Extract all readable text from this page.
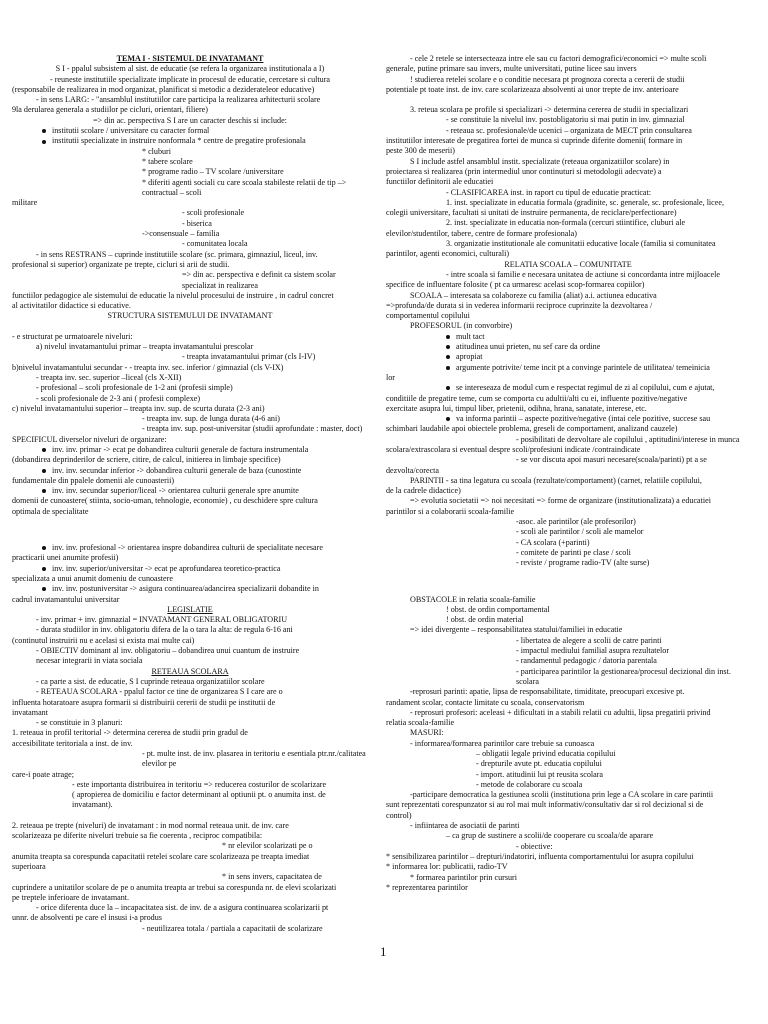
TEMA I - SISTEMUL DE INVATAMANT

S I - ppalul subsistem al sist. de educatie (se refera la organizarea institutionala a I)

- reuneste institutiile specializate implicate in procesul de educatie, cercetare si cultura

(responsabile de realizarea in mod organizat, planificat si metodic a deziderateleor educative)

- in sens LARG: - "ansamblul institutiilor care participa la realizarea arhitecturii scolare

9la derularea generala a studiilor pe cicluri, orientari, filiere)

=> din ac. perspectiva S I are un caracter deschis si include:

institutii scolare / universitare cu caracter formal

institutii specializate in instruire nonformala * centre de pregatire profesionala

* cluburi

* tabere scolare

* programe radio – TV scolare /universitare

* diferiti agenti sociali cu care scoala stabileste relatii de tip –> contractual – scoli

militare

- scoli profesionale

- biserica

->consensuale – familia

- comunitatea locala

- in sens RESTRANS – cuprinde institutiile scolare (sc. primara, gimnaziul, liceul, inv.

profesional si superior) organizate pe trepte, cicluri si arii de studii.

=> din ac. perspectiva e definit ca sistem scolar specializat in realizarea

functiilor pedagogice ale sistemului de educatie la nivelul procesului de instruire , in cadrul concret

al activitatilor didactice si educative.

STRUCTURA SISTEMULUI DE INVATAMANT

- e structurat pe urmatoarele niveluri:

a) nivelul invatamantului primar – treapta invatamantului prescolar

- treapta invatamantului primar (cls I-IV)

b)nivelul invatamantului secundar - - treapta inv. sec. inferior / gimnazial (cls V-IX)

- treapta inv. sec. superior –liceal (cls X-XII)

- profesional – scoli profesionale de 1-2 ani (profesii simple)

- scoli profesionale de 2-3 ani ( profesii complexe)

c) nivelul invatamantului superior – treapta inv. sup. de scurta durata (2-3 ani)

- treapta inv. sup. de lunga durata (4-6 ani)

- treapta inv. sup. post-universitar (studii aprofundate : master, doct)

SPECIFICUL diverselor niveluri de organizare:

inv. inv. primar -> ecat pe dobandirea culturii generale de factura instrumentala

(dobandirea deprinderilor de scriere, citire, de calcul, initierea in limbaje specifice)

inv. inv. secundar inferior -> dobandirea culturii generale de baza (cunostinte

fundamentale din ppalele domenii ale cunoasterii)

inv. inv. secundar superior/liceal -> orientarea culturii generale spre anumite

domenii de cunoastere( stiinta, socio-uman, tehnologie, economie) , cu deschidere spre cultura

optimala de specialitate

inv. inv. profesional -> orientarea inspre dobandirea culturii de specialitate necesare

practicarii unei anumite profesii)

inv. inv. superior/universitar -> ecat pe aprofundarea teoretico-practica

specializata a unui anumit domeniu de cunoastere

inv. inv. postuniversitar -> asigura continuarea/adancirea specializarii dobandite in

cadrul invatamantului universitar

LEGISLATIE

- inv. primar + inv. gimnazial = INVATAMANT GENERAL OBLIGATORIU

- durata studiilor in inv. obligatoriu difera de la o tara la alta: de regula 6-16 ani

(continutul instruirii nu e acelasi si exista mai multe cai)

- OBIECTIV dominant al inv. obligatoriu – dobandirea unui cuantum de instruire

necesar integrarii in viata sociala

RETEAUA SCOLARA

- ca parte a sist. de educatie, S I cuprinde reteaua organizatiilor scolare

- RETEAUA SCOLARA - ppalul factor ce tine de organizarea S I care are o

influenta hotaratoare asupra formarii si distribuirii cererii de studii pe institutii de

invatamant

- se constituie in 3 planuri:

1. reteaua in profil teritorial -> determina cererea de studii prin gradul de

accesibilitate teritoriala a inst. de inv.

- pt. multe inst. de inv. plasarea in teritoriu e esentiala ptr.nr./calitatea elevilor pe

care-i poate atrage;

- este importanta distribuirea in teritoriu => reducerea costurilor de scolarizare

( apropierea de domiciliu e factor determinant al optiunii pt. o anumita inst. de

invatamant).

2. reteaua pe trepte (niveluri) de invatamant : in mod normal reteaua unit. de inv. care

scolarizeaza pe diferite niveluri trebuie sa fie coerenta , reciproc compatibila:

* nr elevilor scolarizati pe o

anumita treapta sa corespunda capacitatii retelei scolare care scolarizeaza pe treapta imediat

superioara

* in sens invers, capacitatea de

cuprindere a unitatilor scolare de pe o anumita treapta ar trebui sa corespunda nr. de elevi scolarizati

pe treptele inferioare de invatamant.

- orice diferenta duce la – incapacitatea sist. de inv. de a asigura continuarea scolarizarii pt

unnr. de absolventi pe care el insusi i-a produs

- neutilizarea totala / partiala a capacitatii de scolarizare

- cele 2 retele se intersecteaza intre ele sau cu factori demografici/economici => multe scoli

generale, putine primare sau invers, multe universitati, putine licee sau invers

! studierea retelei scolare e o conditie necesara pt prognoza corecta a cererii de studii

potentiale pt toate inst. de inv. care scolarizeaza absolventi ai unor trepte de inv. anterioare

3. reteua scolara pe profile si specializari -> determina cererea de studii in specializari

- se constituie la nivelul inv. postobligatoriu si mai putin in inv. gimnazial

- reteaua sc. profesionale/de ucenici – organizata de MECT prin consultarea

institutiilor interesate de pregatirea fortei de munca si cuprinde diferite domenii( formare in

peste 300 de meserii)

S I include astfel ansamblul instit. specializate (reteaua organizatiilor scolare) in

proiectarea si realizarea (prin intermediul unor continuturi si metodologii adecvate) a

functiilor definitorii ale educatiei

- CLASIFICAREA inst. in raport cu tipul de educatie practicat:

1. inst. specializate in educatia formala (gradinite, sc. generale, sc. profesionale, licee,

colegii universitare, facultati si unitati de instruire permanenta, de reciclare/perfectionare)

2. inst. specializate in educatia non-formala (cercuri stiintifice, cluburi ale

elevilor/studentilor, tabere, centre de formare profesionala)

3. organizatie institutionale ale comunitatii educative locale (familia si comunitatea

parintilor, agenti economici, culturali)

RELATIA SCOALA – COMUNITATE

- intre scoala si familie e necesara unitatea de actiune si concordanta intre mijloacele

specifice de influentare folosite ( pt ca urmaresc acelasi scop-formarea copiilor)

SCOALA – interesata sa colaboreze cu familia (aliat) a.i. actiunea educativa

=>profunda/de durata si in vederea informarii reciproce cuprinzite la dezvoltarea /

comportamentul copilului

PROFESORUL (in convorbire)

mult tact

atitudinea unui prieten, nu sef care da ordine

apropiat

argumente potrivite/ teme incit pt a convinge parintele de utilitatea/ temeinicia

lor

se intereseaza de modul cum e respectat regimul de zi al copilului, cum e ajutat,

conditiile de pregatire teme, cum se comporta cu adultii/alti cu ei, influente pozitive/negative

exercitate asupra lui, timpul liber, prietenii, odihna, hrana, sanatate, interese, etc.

va informa parintii – aspecte pozitive/negative (intai cele pozitive, succese sau

schimbari laudabile apoi obiectele problema, greseli de comportament, analizand cauzele)

- posibilitati de dezvoltare ale copilului , aptitudini/interese in munca

scolara/extrascolara si eventual despre scoli/profesiuni indicate /contraindicate

- se vor discuta apoi masuri necesare(scoala/parinti) pt a se

dezvolta/corecta

PARINTII - sa tina legatura cu scoala (rezultate/comportament) (carnet, relatiile copilului,

de la cadrele didactice)

=> evolutia societatii => noi necesitati => forme de organizare (institutionalizata) a educatiei

parintilor si a colaborarii scoala-familie

-asoc. ale parintilor (ale profesorilor)

- scoli ale parintilor / scoli ale mamelor

- CA scolara (+parinti)

- comitete de parinti pe clase / scoli

- reviste / programe radio-TV (alte surse)

OBSTACOLE in relatia scoala-familie

! obst. de ordin comportamental

! obst. de ordin material

=> idei divergente – responsabilitatea statului/familiei in educatie

- libertatea de alegere a scolii de catre parinti

- impactul mediului familial asupra rezultatelor

- randamentul pedagogic / datoria parentala

- participarea parintilor la gestionarea/procesul decizional din inst. scolara

-reprosuri parinti: apatie, lipsa de responsabilitate, timiditate, preocupari excesive pt.

randament scolar, contacte limitate cu scoala, conservatorism

- reprosuri profesori: aceleasi + dificultati in a stabili relatii cu adultii, lipsa pregatirii privind

relatia scoala-familie

MASURI:

- informarea/formarea parintilor care trebuie sa cunoasca

– obligatii legale privind educatia copilului

- drepturile avute pt. educatia copilului

- import. atitudinii lui pt reusita scolara

- metode de colaborare cu scoala

-participare democratica la gestiunea scolii (institutiona prin lege a CA scolare in care parintii

sunt reprezentati corespunzator si au rol mai mult informativ/consultativ dar si rol decizional si de

control)

- infiintarea de asociatii de parinti

– ca grup de sustinere a scolii/de cooperare cu scoala/de aparare

- obiective:

* sensibilizarea parintilor – drepturi/indatoriri, influenta comportamentului lor asupra copilului

* informarea lor: publicatii, radio-TV

* formarea parintilor prin cursuri

* reprezentarea parintilor

1
